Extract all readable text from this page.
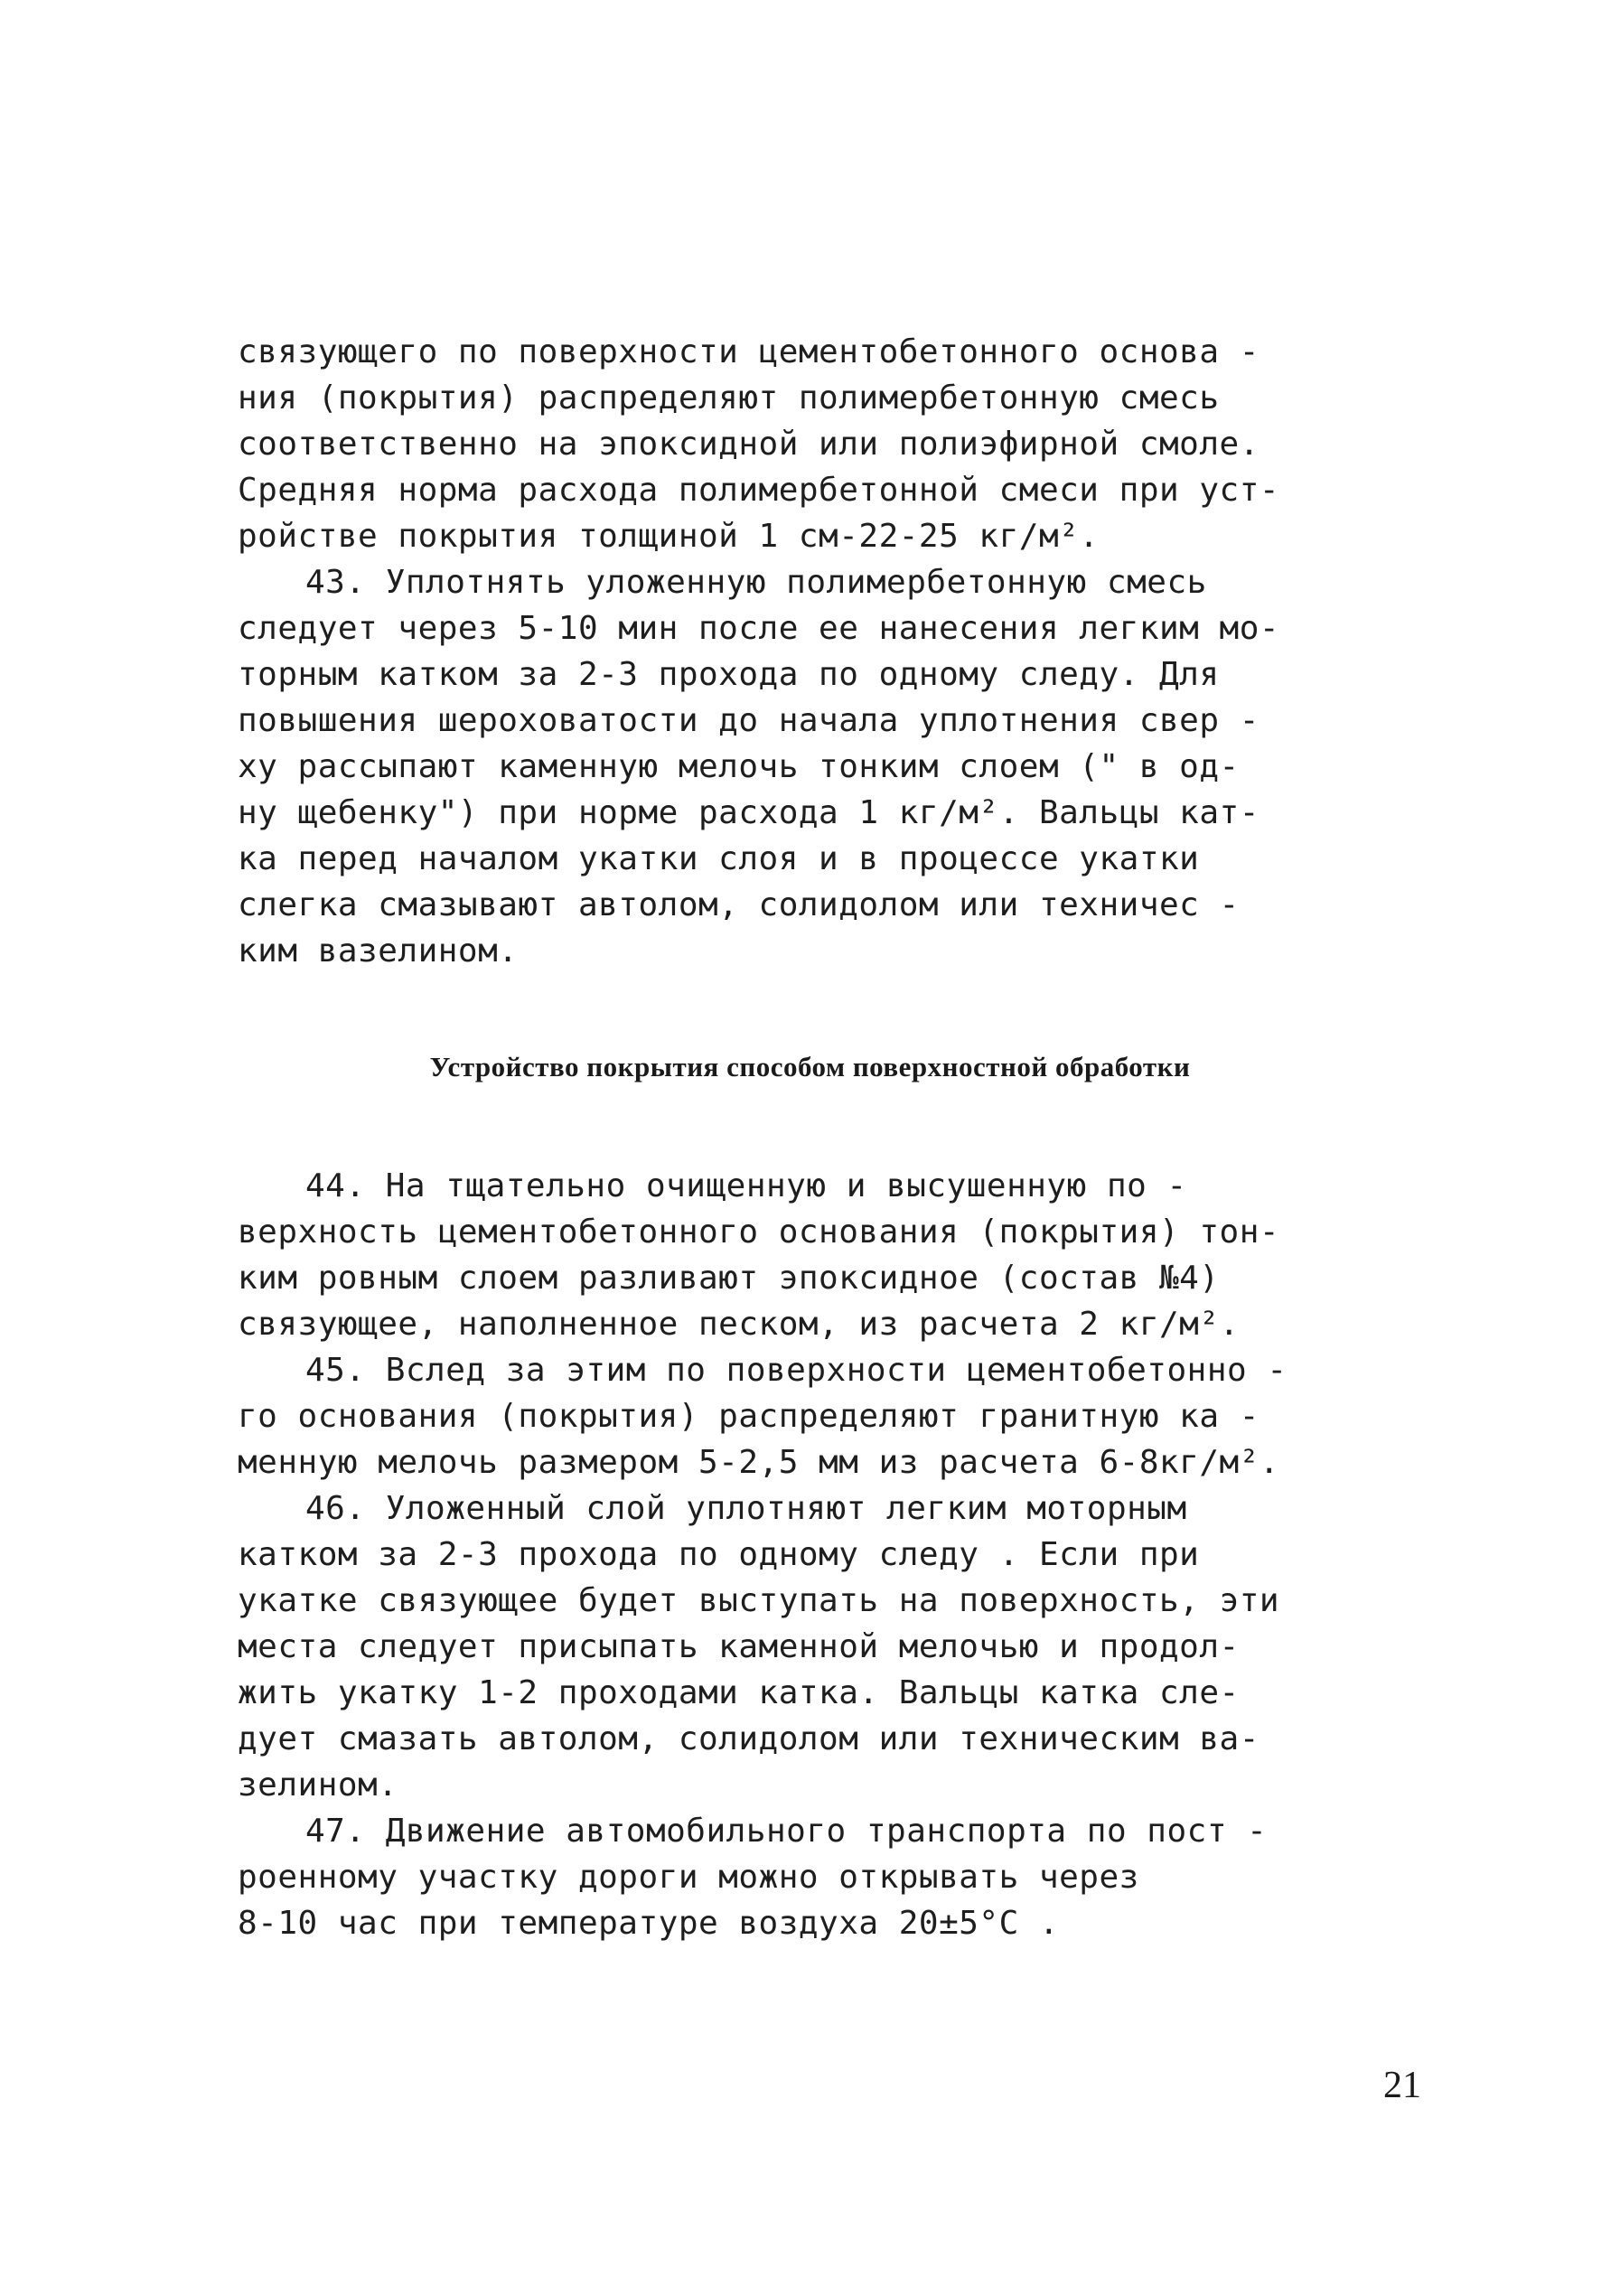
связующего по поверхности цементобетонного основа -
ния (покрытия) распределяют полимербетонную смесь
соответственно на эпоксидной или полиэфирной смоле.
Средняя норма расхода полимербетонной смеси при уст-
ройстве покрытия толщиной 1 см-22-25 кг/м².
43. Уплотнять уложенную полимербетонную смесь
следует через 5-10 мин после ее нанесения легким мо-
торным катком за 2-3 прохода по одному следу. Для
повышения шероховатости до начала уплотнения свер -
ху рассыпают каменную мелочь тонким слоем (" в од-
ну щебенку") при норме расхода 1 кг/м². Вальцы кат-
ка перед началом укатки слоя и в процессе укатки
слегка смазывают автолом, солидолом или техничес -
ким вазелином.
Устройство покрытия способом поверхностной обработки
44. На тщательно очищенную и высушенную по -
верхность цементобетонного основания (покрытия) тон-
ким ровным слоем разливают эпоксидное (состав №4)
связующее, наполненное песком, из расчета 2 кг/м².
45. Вслед за этим по поверхности цементобетонно -
го основания (покрытия) распределяют гранитную ка -
менную мелочь размером 5-2,5 мм из расчета 6-8кг/м².
46. Уложенный слой уплотняют легким моторным
катком за 2-3 прохода по одному следу . Если при
укатке связующее будет выступать на поверхность, эти
места следует присыпать каменной мелочью и продол-
жить укатку 1-2 проходами катка. Вальцы катка сле-
дует смазать автолом, солидолом или техническим ва-
зелином.
47. Движение автомобильного транспорта по пост -
роенному участку дороги можно открывать через
8-10 час при температуре воздуха 20±5°С .
21
